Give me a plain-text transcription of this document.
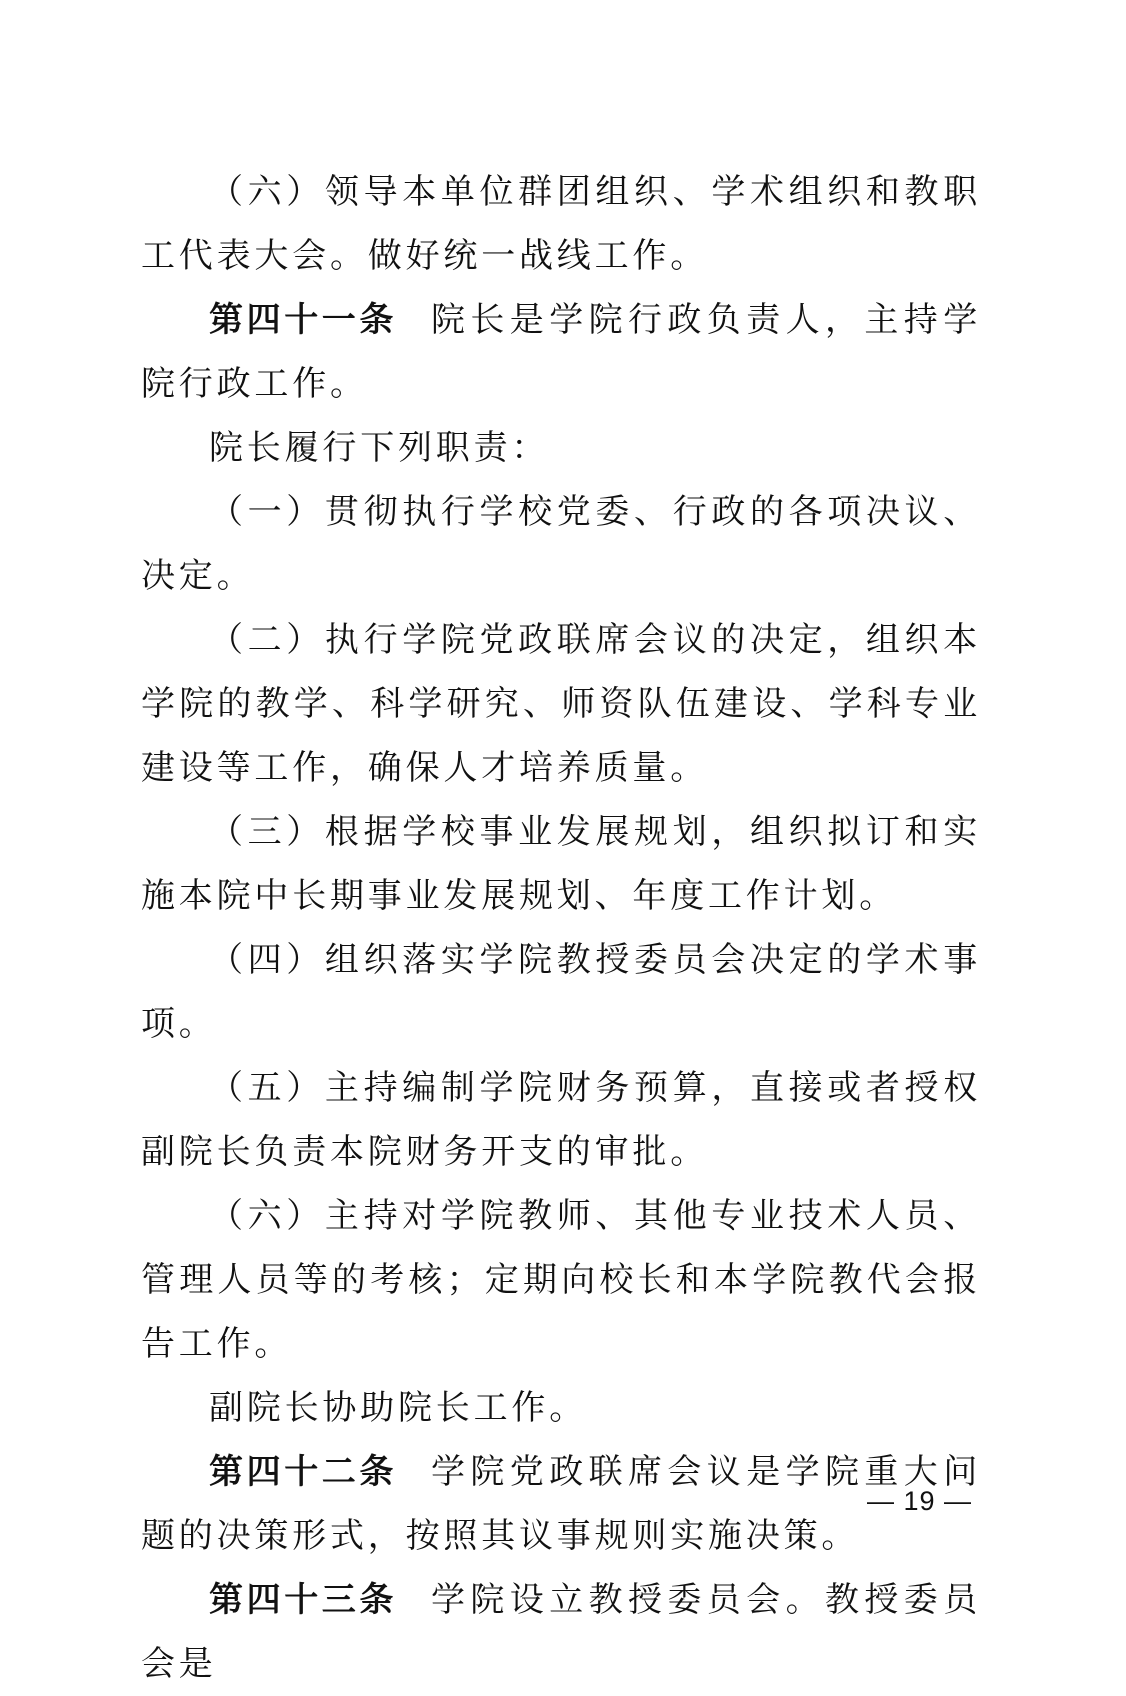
（六）领导本单位群团组织、学术组织和教职工代表大会。做好统一战线工作。

第四十一条 院长是学院行政负责人，主持学院行政工作。

院长履行下列职责：

（一）贯彻执行学校党委、行政的各项决议、决定。

（二）执行学院党政联席会议的决定，组织本学院的教学、科学研究、师资队伍建设、学科专业建设等工作，确保人才培养质量。

（三）根据学校事业发展规划，组织拟订和实施本院中长期事业发展规划、年度工作计划。

（四）组织落实学院教授委员会决定的学术事项。

（五）主持编制学院财务预算，直接或者授权副院长负责本院财务开支的审批。

（六）主持对学院教师、其他专业技术人员、管理人员等的考核；定期向校长和本学院教代会报告工作。

副院长协助院长工作。

第四十二条 学院党政联席会议是学院重大问题的决策形式，按照其议事规则实施决策。

第四十三条 学院设立教授委员会。教授委员会是

— 19 —
